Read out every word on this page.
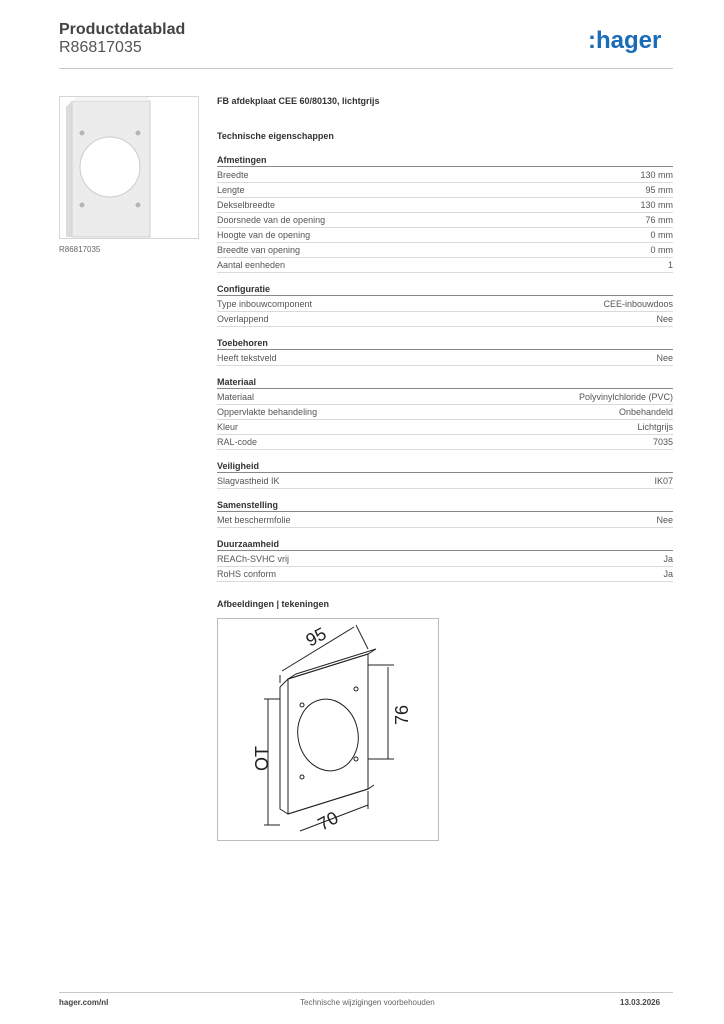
Productdatablad
R86817035	:hager
R86817035
FB afdekplaat CEE 60/80130, lichtgrijs
Technische eigenschappen
Afmetingen
Breedte	130 mm
Lengte	95 mm
Dekselbreedte	130 mm
Doorsnede van de opening	76 mm
Hoogte van de opening	0 mm
Breedte van opening	0 mm
Aantal eenheden	1
Configuratie
Type inbouwcomponent	CEE-inbouwdoos
Overlappend	Nee
Toebehoren
Heeft tekstveld	Nee
Materiaal
Materiaal	Polyvinylchloride (PVC)
Oppervlakte behandeling	Onbehandeld
Kleur	Lichtgrijs
RAL-code	7035
Veiligheid
Slagvastheid IK	IK07
Samenstelling
Met beschermfolie	Nee
Duurzaamheid
REACh-SVHC vrij	Ja
RoHS conform	Ja
Afbeeldingen | tekeningen
95
76
OT
70
hager.com/nl	Technische wijzigingen voorbehouden	13.03.2026
